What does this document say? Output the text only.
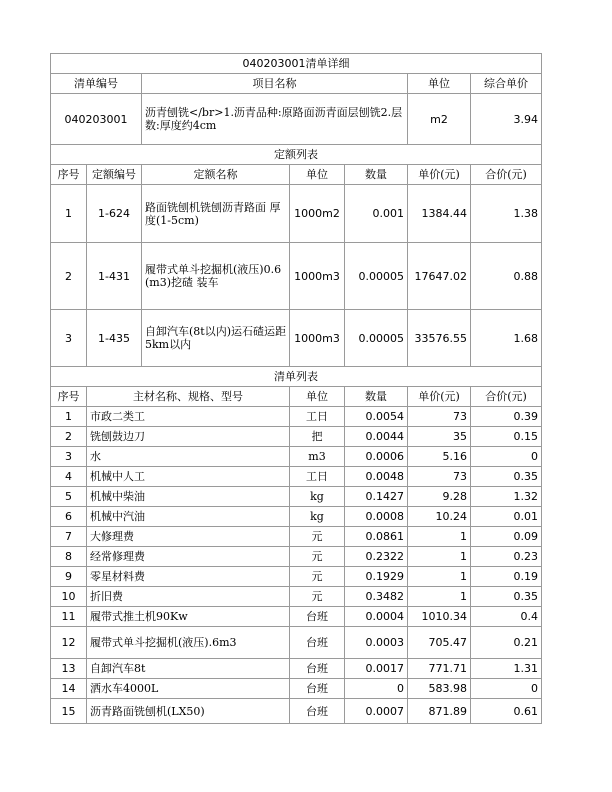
040203001清单详细						
清单编号		项目名称			单位	综合单价
040203001		沥青刨铣</br>1.沥青品种:原路面沥青面层刨铣2.层数:厚度约4cm			m2	3.94
定额列表						
序号	定额编号	定额名称	单位	数量	单价(元)	合价(元)
1	1-624	路面铣刨机铣刨沥青路面 厚度(1-5cm)	1000m2	0.001	1384.44	1.38
2	1-431	履带式单斗挖掘机(液压)0.6(m3)挖碴 装车	1000m3	0.00005	17647.02	0.88
3	1-435	自卸汽车(8t以内)运石碴运距5km以内	1000m3	0.00005	33576.55	1.68
清单列表						
序号	主材名称、规格、型号		单位	数量	单价(元)	合价(元)
1	市政二类工		工日	0.0054	73	0.39
2	铣刨鼓边刀		把	0.0044	35	0.15
3	水		m3	0.0006	5.16	0
4	机械中人工		工日	0.0048	73	0.35
5	机械中柴油		kg	0.1427	9.28	1.32
6	机械中汽油		kg	0.0008	10.24	0.01
7	大修理费		元	0.0861	1	0.09
8	经常修理费		元	0.2322	1	0.23
9	零星材料费		元	0.1929	1	0.19
10	折旧费		元	0.3482	1	0.35
11	履带式推土机90Kw		台班	0.0004	1010.34	0.4
12	履带式单斗挖掘机(液压).6m3		台班	0.0003	705.47	0.21
13	自卸汽车8t		台班	0.0017	771.71	1.31
14	洒水车4000L		台班	0	583.98	0
15	沥青路面铣刨机(LX50)		台班	0.0007	871.89	0.61
